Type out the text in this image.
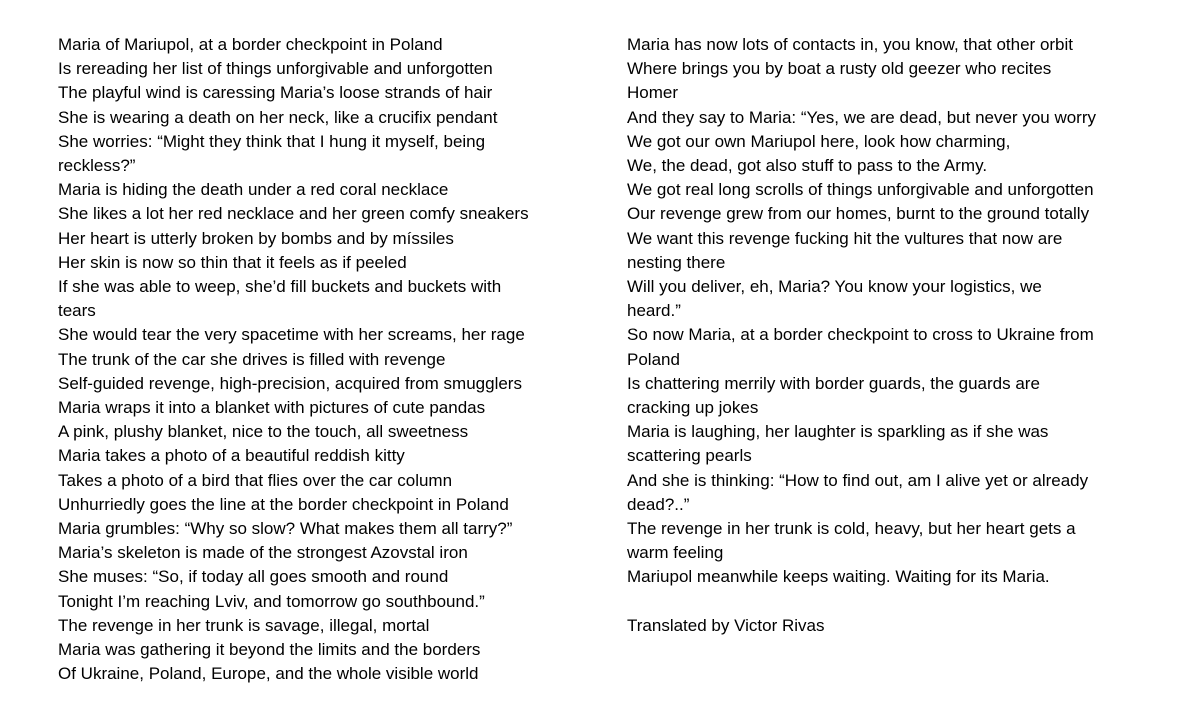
Maria of Mariupol, at a border checkpoint in Poland
Is rereading her list of things unforgivable and unforgotten
The playful wind is caressing Maria’s loose strands of hair
She is wearing a death on her neck, like a crucifix pendant
She worries: “Might they think that I hung it myself, being
reckless?”
Maria is hiding the death under a red coral necklace
She likes a lot her red necklace and her green comfy sneakers
Her heart is utterly broken by bombs and by míssiles
Her skin is now so thin that it feels as if peeled
If she was able to weep, she’d fill buckets and buckets with
tears
She would tear the very spacetime with her screams, her rage
The trunk of the car she drives is filled with revenge
Self-guided revenge, high-precision, acquired from smugglers
Maria wraps it into a blanket with pictures of cute pandas
A pink, plushy blanket, nice to the touch, all sweetness
Maria takes a photo of a beautiful reddish kitty
Takes a photo of a bird that flies over the car column
Unhurriedly goes the line at the border checkpoint in Poland
Maria grumbles: “Why so slow? What makes them all tarry?”
Maria’s skeleton is made of the strongest Azovstal iron
She muses: “So, if today all goes smooth and round
Tonight I’m reaching Lviv, and tomorrow go southbound.”
The revenge in her trunk is savage, illegal, mortal
Maria was gathering it beyond the limits and the borders
Of Ukraine, Poland, Europe, and the whole visible world
Maria has now lots of contacts in, you know, that other orbit
Where brings you by boat a rusty old geezer who recites
Homer
And they say to Maria: “Yes, we are dead, but never you worry
We got our own Mariupol here, look how charming,
We, the dead, got also stuff to pass to the Army.
We got real long scrolls of things unforgivable and unforgotten
Our revenge grew from our homes, burnt to the ground totally
We want this revenge fucking hit the vultures that now are
nesting there
Will you deliver, eh, Maria? You know your logistics, we
heard.”
So now Maria, at a border checkpoint to cross to Ukraine from
Poland
Is chattering merrily with border guards, the guards are
cracking up jokes
Maria is laughing, her laughter is sparkling as if she was
scattering pearls
And she is thinking: “How to find out, am I alive yet or already
dead?..”
The revenge in her trunk is cold, heavy, but her heart gets a
warm feeling
Mariupol meanwhile keeps waiting. Waiting for its Maria.

Translated by Victor Rivas
